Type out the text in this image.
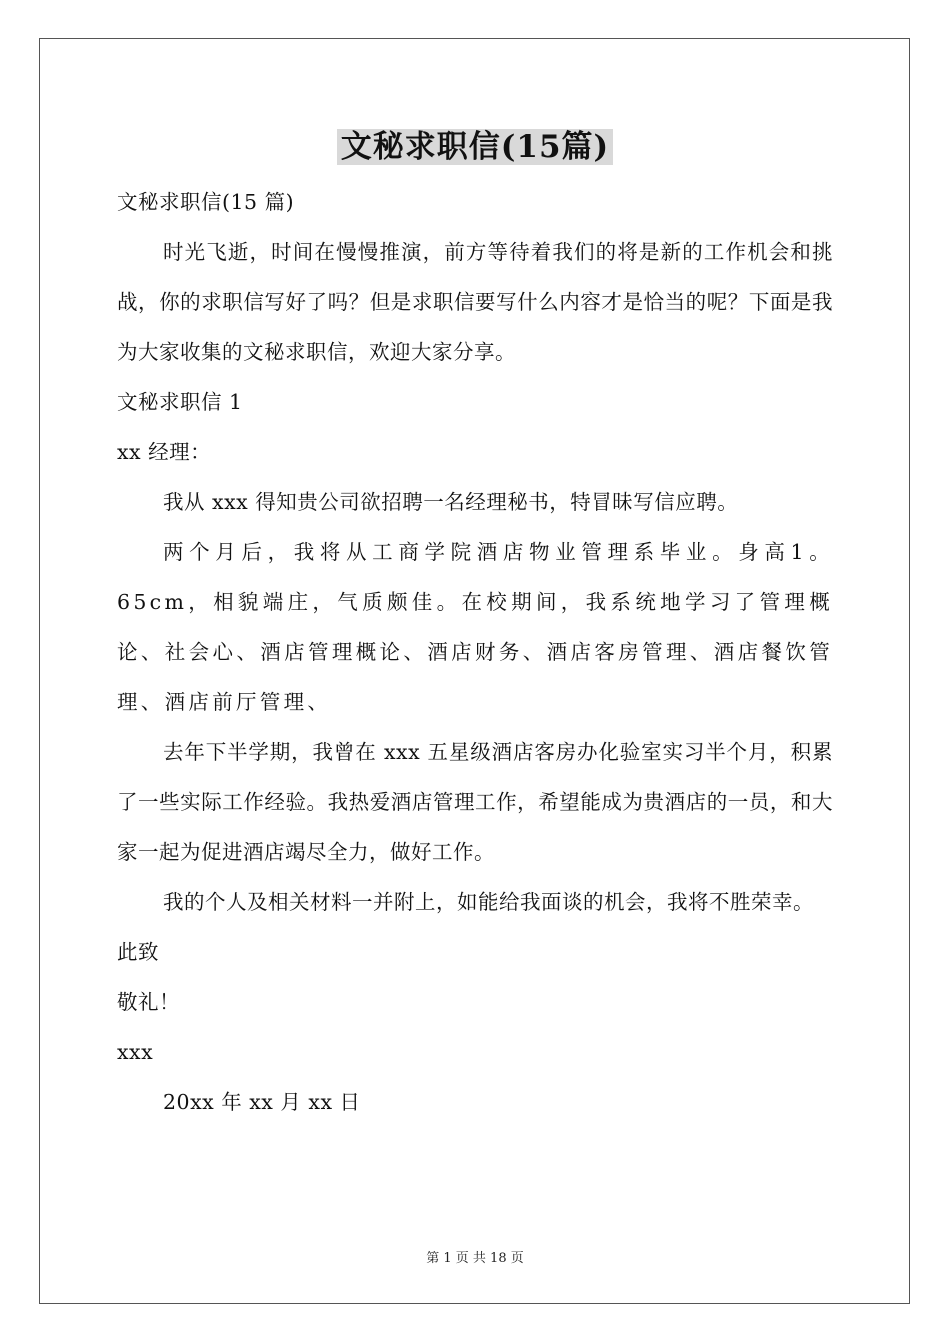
文秘求职信(15篇)
文秘求职信(15 篇)
时光飞逝，时间在慢慢推演，前方等待着我们的将是新的工作机会和挑战，你的求职信写好了吗？但是求职信要写什么内容才是恰当的呢？下面是我为大家收集的文秘求职信，欢迎大家分享。
文秘求职信 1
xx 经理：
我从 xxx 得知贵公司欲招聘一名经理秘书，特冒昧写信应聘。
两个月后，我将从工商学院酒店物业管理系毕业。身高1。65cm，相貌端庄，气质颇佳。在校期间，我系统地学习了管理概论、社会心、酒店管理概论、酒店财务、酒店客房管理、酒店餐饮管理、酒店前厅管理、
去年下半学期，我曾在 xxx 五星级酒店客房办化验室实习半个月，积累了一些实际工作经验。我热爱酒店管理工作，希望能成为贵酒店的一员，和大家一起为促进酒店竭尽全力，做好工作。
我的个人及相关材料一并附上，如能给我面谈的机会，我将不胜荣幸。
此致
敬礼！
xxx
20xx 年 xx 月 xx 日
第 1 页 共 18 页
